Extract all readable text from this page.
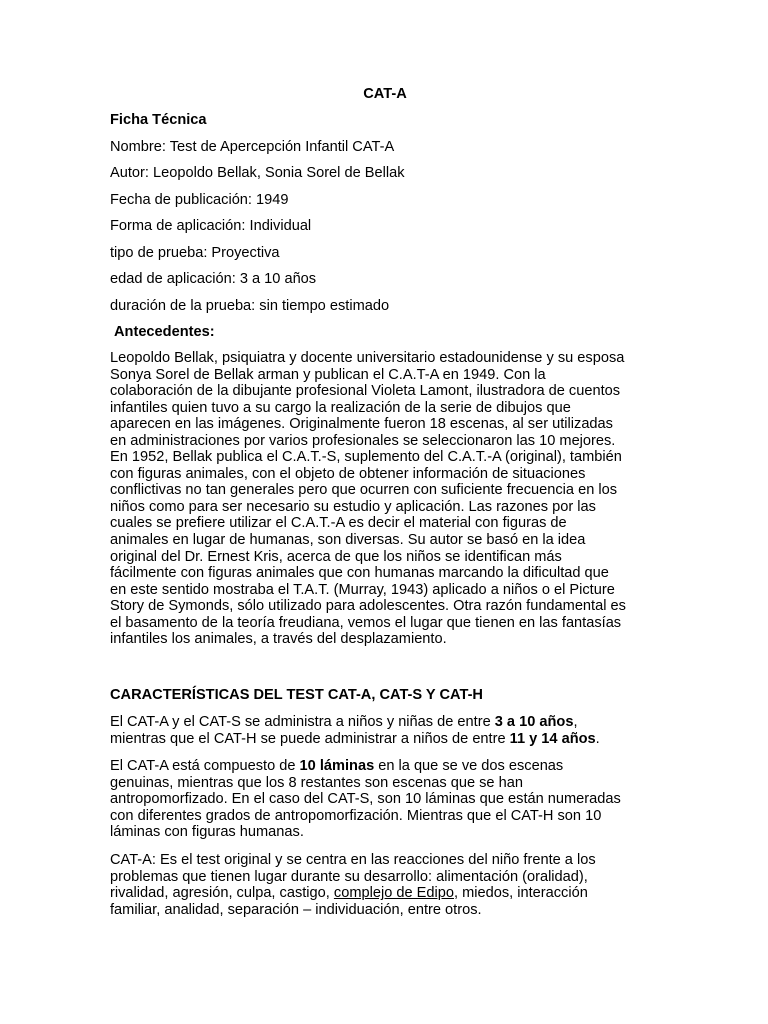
CAT-A
Ficha Técnica
Nombre: Test de Apercepción Infantil CAT-A
Autor: Leopoldo Bellak, Sonia Sorel de Bellak
Fecha de publicación: 1949
Forma de aplicación: Individual
tipo de prueba: Proyectiva
edad de aplicación: 3 a 10 años
duración de la prueba: sin tiempo estimado
Antecedentes:
Leopoldo Bellak, psiquiatra y docente universitario estadounidense y su esposa
Sonya Sorel de Bellak arman y publican el C.A.T-A en 1949. Con la
colaboración de la dibujante profesional Violeta Lamont, ilustradora de cuentos
infantiles quien tuvo a su cargo la realización de la serie de dibujos que
aparecen en las imágenes. Originalmente fueron 18 escenas, al ser utilizadas
en administraciones por varios profesionales se seleccionaron las 10 mejores.
En 1952, Bellak publica el C.A.T.-S, suplemento del C.A.T.-A (original), también
con figuras animales, con el objeto de obtener información de situaciones
conflictivas no tan generales pero que ocurren con suficiente frecuencia en los
niños como para ser necesario su estudio y aplicación. Las razones por las
cuales se prefiere utilizar el C.A.T.-A es decir el material con figuras de
animales en lugar de humanas, son diversas. Su autor se basó en la idea
original del Dr. Ernest Kris, acerca de que los niños se identifican más
fácilmente con figuras animales que con humanas marcando la dificultad que
en este sentido mostraba el T.A.T. (Murray, 1943) aplicado a niños o el Picture
Story de Symonds, sólo utilizado para adolescentes. Otra razón fundamental es
el basamento de la teoría freudiana, vemos el lugar que tienen en las fantasías
infantiles los animales, a través del desplazamiento.
CARACTERÍSTICAS DEL TEST CAT-A, CAT-S Y CAT-H
El CAT-A y el CAT-S se administra a niños y niñas de entre 3 a 10 años,
mientras que el CAT-H se puede administrar a niños de entre 11 y 14 años.
El CAT-A está compuesto de 10 láminas en la que se ve dos escenas
genuinas, mientras que los 8 restantes son escenas que se han
antropomorfizado. En el caso del CAT-S, son 10 láminas que están numeradas
con diferentes grados de antropomorfización. Mientras que el CAT-H son 10
láminas con figuras humanas.
CAT-A: Es el test original y se centra en las reacciones del niño frente a los
problemas que tienen lugar durante su desarrollo: alimentación (oralidad),
rivalidad, agresión, culpa, castigo, complejo de Edipo, miedos, interacción
familiar, analidad, separación – individuación, entre otros.
